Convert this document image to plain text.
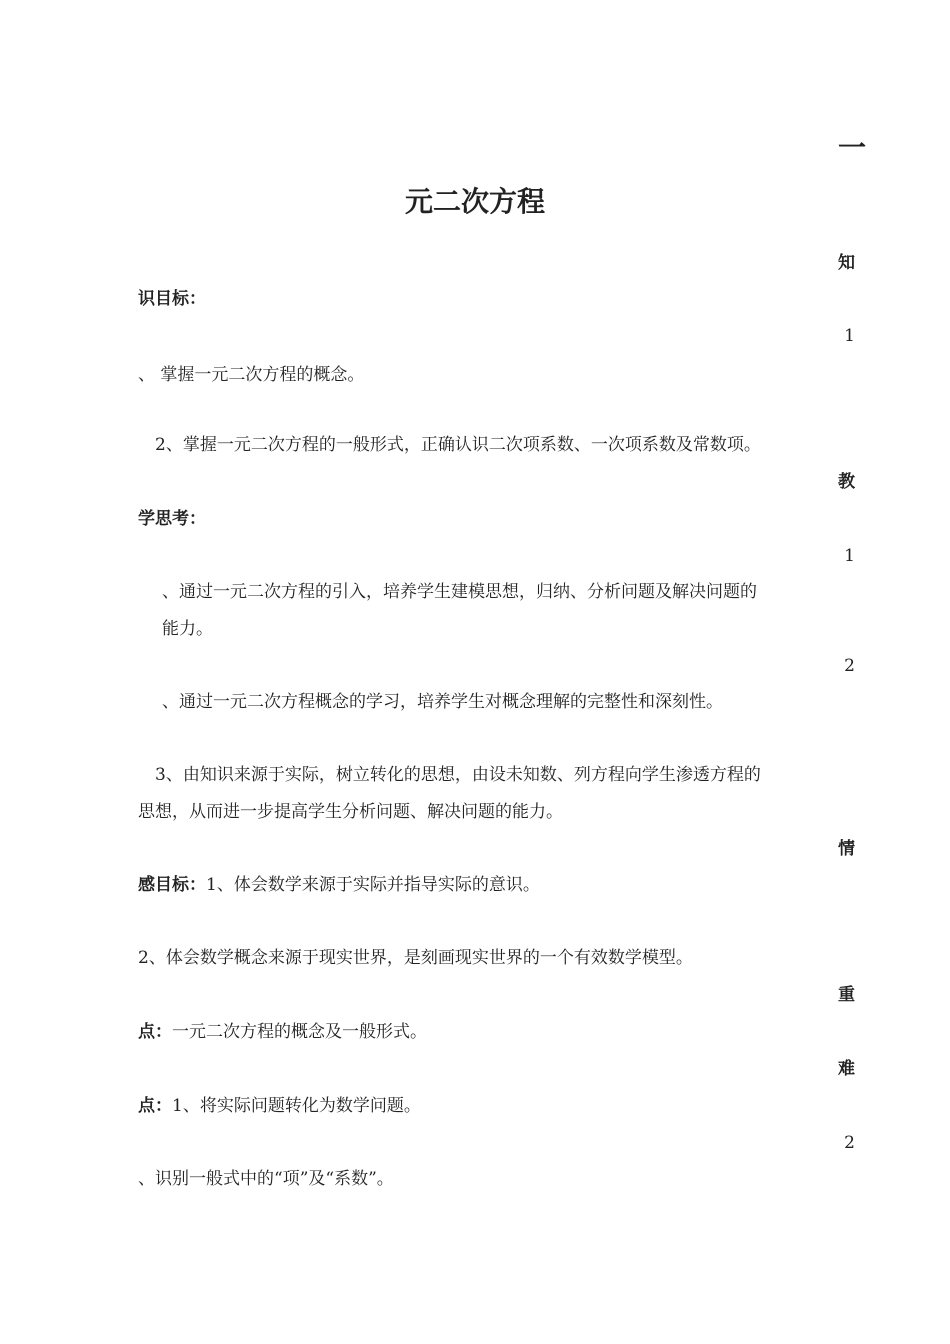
一
元二次方程
知
识目标：
1
、 掌握一元二次方程的概念。
2、掌握一元二次方程的一般形式，正确认识二次项系数、一次项系数及常数项。
教
学思考：
1
、通过一元二次方程的引入，培养学生建模思想，归纳、分析问题及解决问题的
能力。
2
、通过一元二次方程概念的学习，培养学生对概念理解的完整性和深刻性。
3、由知识来源于实际，树立转化的思想，由设未知数、列方程向学生渗透方程的
思想，从而进一步提高学生分析问题、解决问题的能力。
情
感目标：1、体会数学来源于实际并指导实际的意识。
2、体会数学概念来源于现实世界，是刻画现实世界的一个有效数学模型。
重
点：一元二次方程的概念及一般形式。
难
点：1、将实际问题转化为数学问题。
2
、识别一般式中的“项”及“系数”。
